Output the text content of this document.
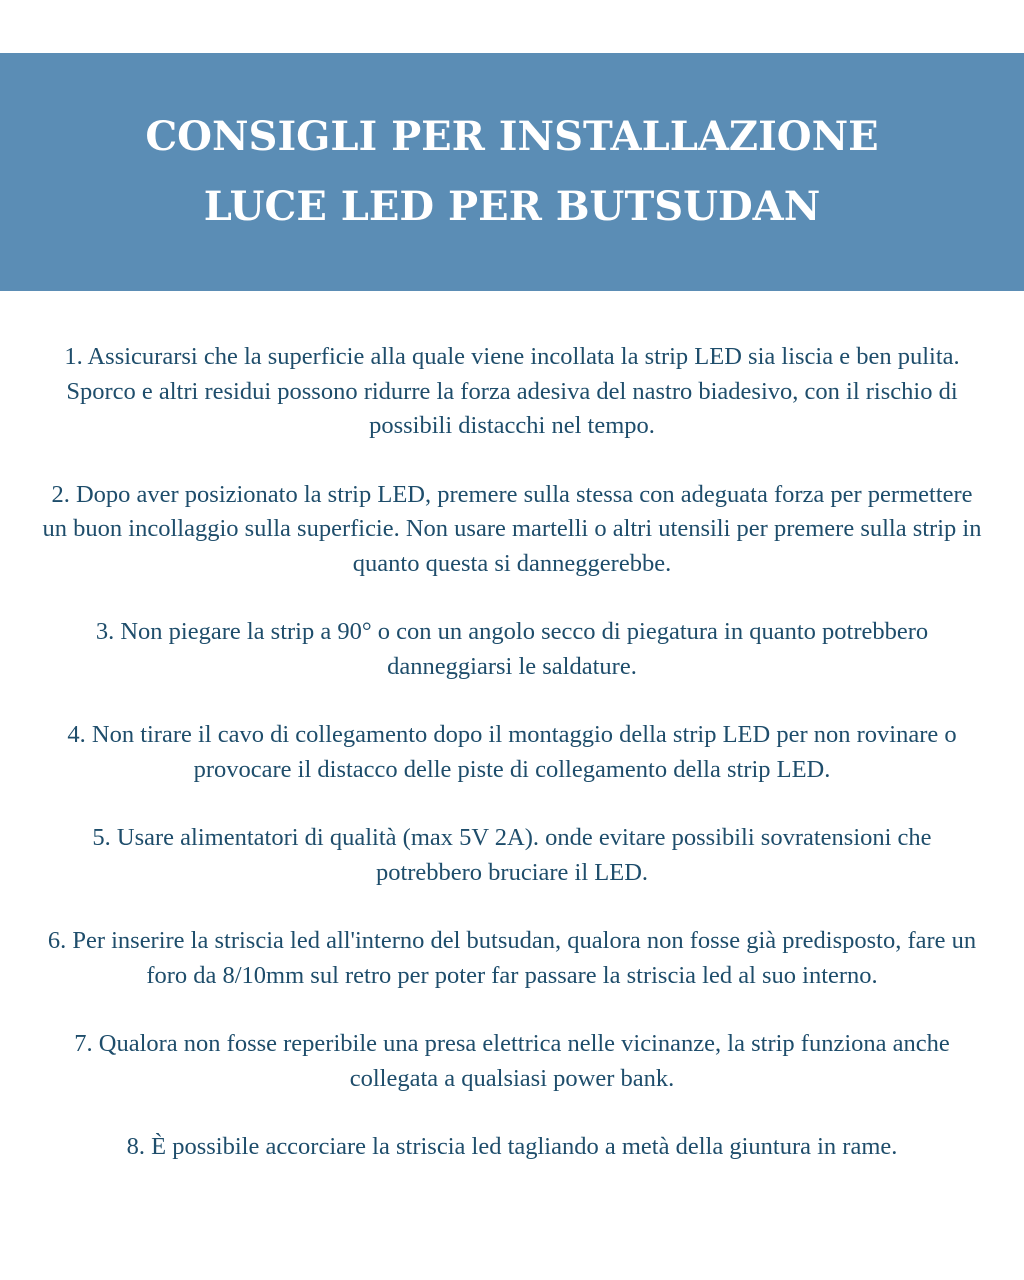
CONSIGLI PER INSTALLAZIONE
LUCE LED PER BUTSUDAN
1. Assicurarsi che la superficie alla quale viene incollata la strip LED sia liscia e ben pulita. Sporco e altri residui possono ridurre la forza adesiva del nastro biadesivo, con il rischio di possibili distacchi nel tempo.
2. Dopo aver posizionato la strip LED, premere sulla stessa con adeguata forza per permettere un buon incollaggio sulla superficie. Non usare martelli o altri utensili per premere sulla strip in quanto questa si danneggerebbe.
3. Non piegare la strip a 90° o con un angolo secco di piegatura in quanto potrebbero danneggiarsi le saldature.
4. Non tirare il cavo di collegamento dopo il montaggio della strip LED per non rovinare o provocare il distacco delle piste di collegamento della strip LED.
5. Usare alimentatori di qualità (max 5V 2A). onde evitare possibili sovratensioni che potrebbero bruciare il LED.
6. Per inserire la striscia led all'interno del butsudan, qualora non fosse già predisposto, fare un foro da 8/10mm sul retro per poter far passare la striscia led al suo interno.
7. Qualora non fosse reperibile una presa elettrica nelle vicinanze, la strip funziona anche collegata a qualsiasi power bank.
8. È possibile accorciare la striscia led tagliando a metà della giuntura in rame.
